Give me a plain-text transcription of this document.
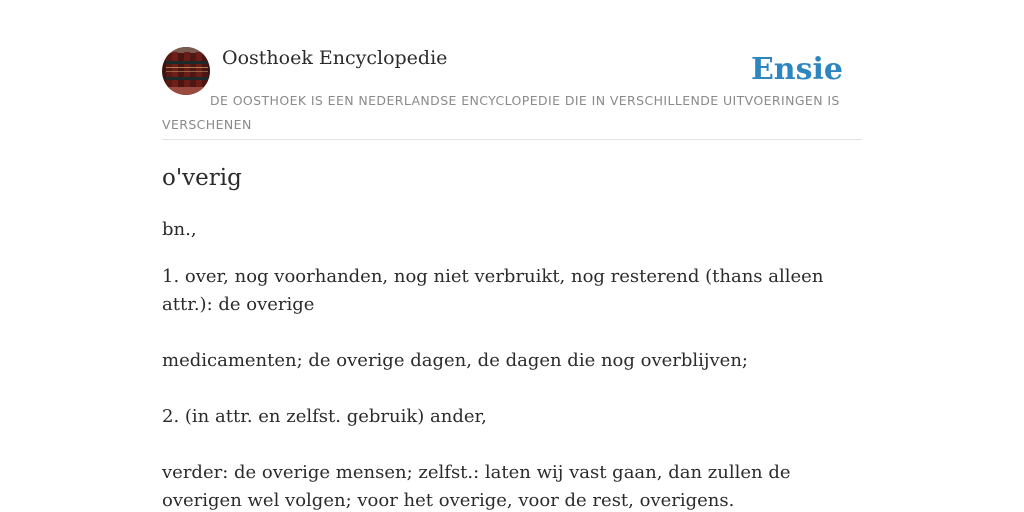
Oosthoek Encyclopedie	Ensie
DE OOSTHOEK IS EEN NEDERLANDSE ENCYCLOPEDIE DIE IN VERSCHILLENDE UITVOERINGEN IS VERSCHENEN
o'verig

bn.,

1. over, nog voorhanden, nog niet verbruikt, nog resterend (thans alleen attr.): de overige

medicamenten; de overige dagen, de dagen die nog overblijven;

2. (in attr. en zelfst. gebruik) ander,

verder: de overige mensen; zelfst.: laten wij vast gaan, dan zullen de overigen wel volgen; voor het overige, voor de rest, overigens.
